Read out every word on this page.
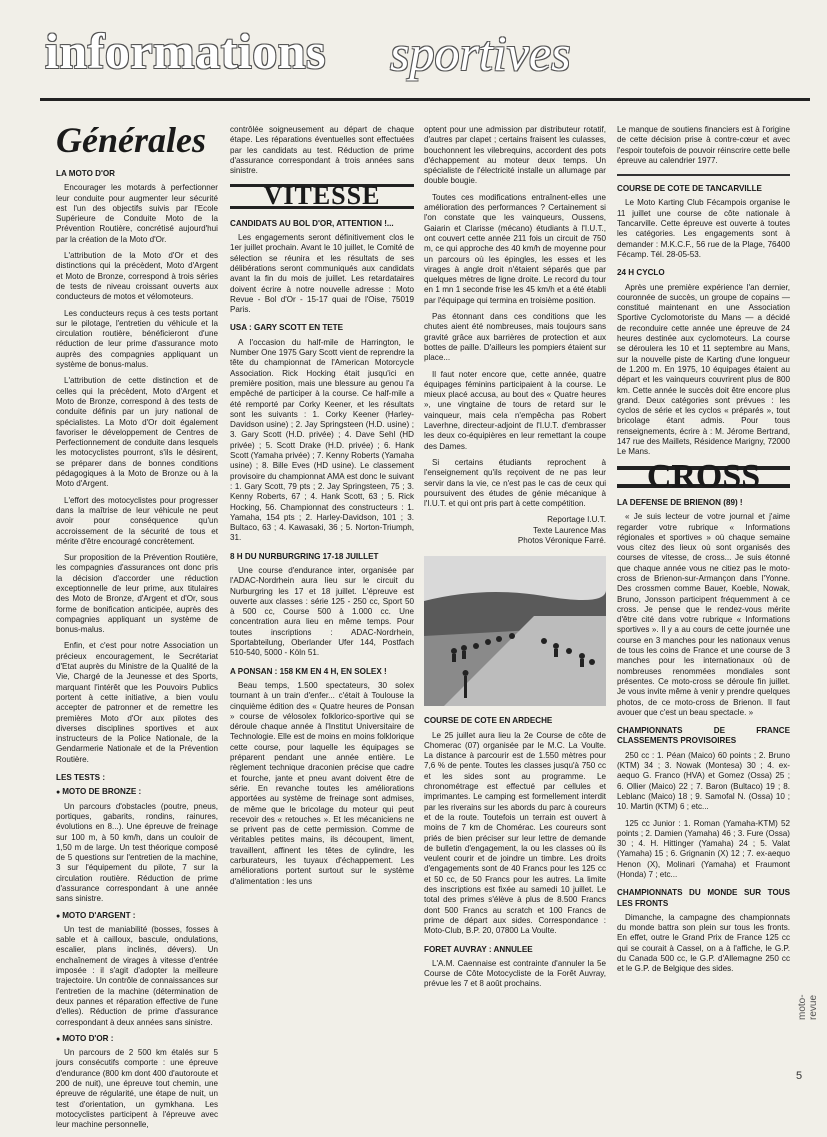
informations sportives
Générales
LA MOTO D'OR

Encourager les motards à perfectionner leur conduite pour augmenter leur sécurité est l'un des objectifs suivis par l'Ecole Supérieure de Conduite Moto de la Prévention Routière, concrétisé aujourd'hui par la création de la Moto d'Or.

L'attribution de la Moto d'Or et des distinctions qui la précèdent, Moto d'Argent et Moto de Bronze, correspond à trois séries de tests de niveau croissant ouverts aux conducteurs de motos et vélomoteurs.

Les conducteurs reçus à ces tests portant sur le pilotage, l'entretien du véhicule et la circulation routière, bénéficieront d'une réduction de leur prime d'assurance moto auprès des compagnies appliquant un système de bonus-malus.

L'attribution de cette distinction et de celles qui la précèdent, Moto d'Argent et Moto de Bronze, correspond à des tests de conduite définis par un jury national de spécialistes. La Moto d'Or doit également favoriser le développement de Centres de Perfectionnement de conduite dans lesquels les motocyclistes pourront, s'ils le désirent, se préparer dans de bonnes conditions pédagogiques à la Moto de Bronze ou à la Moto d'Argent.

L'effort des motocyclistes pour progresser dans la maîtrise de leur véhicule ne peut avoir pour conséquence qu'un accroissement de la sécurité de tous et mérite d'être encouragé concrètement.

Sur proposition de la Prévention Routière, les compagnies d'assurances ont donc pris la décision d'accorder une réduction exceptionnelle de leur prime, aux titulaires des Moto de Bronze, d'Argent et d'Or, sous forme de bonification anticipée, auprès des compagnies appliquant un système de bonus-malus.

Enfin, et c'est pour notre Association un précieux encouragement, le Secrétariat d'Etat auprès du Ministre de la Qualité de la Vie, Chargé de la Jeunesse et des Sports, marquant l'intérêt que les Pouvoirs Publics portent à cette initiative, a bien voulu accepter de patronner et de remettre les premières Moto d'Or aux pilotes des diverses disciplines sportives et aux instructeurs de la Police Nationale, de la Gendarmerie Nationale et de la Prévention Routière.

LES TESTS :
● MOTO DE BRONZE :

Un parcours d'obstacles (poutre, pneus, portiques, gabarits, rondins, rainures, évolutions en 8...). Une épreuve de freinage sur 100 m, à 50 km/h, dans un couloir de 1,50 m de large. Un test théorique composé de 5 questions sur l'entretien de la machine, 3 sur l'équipement du pilote, 7 sur la circulation routière. Réduction de prime d'assurance correspondant à une année sans sinistre.

● MOTO D'ARGENT :

Un test de maniabilité (bosses, fosses à sable et à cailloux, bascule, ondulations, escalier, plans inclinés, dévers). Un enchaînement de virages à vitesse d'entrée imposée : il s'agit d'adopter la meilleure trajectoire. Un contrôle de connaissances sur l'entretien de la machine (détermination de deux pannes et réparation effective de l'une d'elles). Réduction de prime d'assurance correspondant à deux années sans sinistre.

● MOTO D'OR :

Un parcours de 2 500 km étalés sur 5 jours consécutifs comporte : une épreuve d'endurance (800 km dont 400 d'autoroute et 200 de nuit), une épreuve tout chemin, une épreuve de régularité, une étape de nuit, un test d'orientation, un gymkhana. Les motocyclistes participent à l'épreuve avec leur machine personnelle,

contrôlée soigneusement au départ de chaque étape. Les réparations éventuelles sont effectuées par les candidats au test. Réduction de prime d'assurance correspondant à trois années sans sinistre.

VITESSE
CANDIDATS AU BOL D'OR, ATTENTION !...

Les engagements seront définitivement clos le 1er juillet prochain. Avant le 10 juillet, le Comité de sélection se réunira et les résultats de ses délibérations seront communiqués aux candidats avant la fin du mois de juillet. Les retardataires doivent écrire à notre nouvelle adresse : Moto Revue - Bol d'Or - 15-17 quai de l'Oise, 75019 Paris.

USA : GARY SCOTT EN TETE

A l'occasion du half-mile de Harrington, le Number One 1975 Gary Scott vient de reprendre la tête du championnat de l'American Motorcycle Association. Rick Hocking était jusqu'ici en première position, mais une blessure au genou l'a empêché de participer à la course. Ce half-mile a été remporté par Corky Keener, et les résultats sont les suivants : 1. Corky Keener (Harley-Davidson usine) ; 2. Jay Springsteen (H.D. usine) ; 3. Gary Scott (H.D. privée) ; 4. Dave Sehl (HD privée) ; 5. Scott Drake (H.D. privée) ; 6. Hank Scott (Yamaha privée) ; 7. Kenny Roberts (Yamaha usine) ; 8. Bille Eves (HD usine). Le classement provisoire du championnat AMA est donc le suivant : 1. Gary Scott, 79 pts ; 2. Jay Springsteen, 75 ; 3. Kenny Roberts, 67 ; 4. Hank Scott, 63 ; 5. Rick Hocking, 56. Championnat des constructeurs : 1. Yamaha, 154 pts ; 2. Harley-Davidson, 101 ; 3. Bultaco, 63 ; 4. Kawasaki, 36 ; 5. Norton-Triumph, 31.

8 H DU NURBURGRING 17-18 JUILLET

Une course d'endurance inter, organisée par l'ADAC-Nordrhein aura lieu sur le circuit du Nurburgring les 17 et 18 juillet. L'épreuve est ouverte aux classes : série 125 - 250 cc, Sport 50 à 500 cc, Course 500 à 1.000 cc. Une concentration aura lieu en même temps. Pour toutes inscriptions : ADAC-Nordrhein, Sportabteilung, Oberlander Ufer 144, Postfach 510-540, 5000 - Köln 51.

A PONSAN : 158 KM EN 4 H, EN SOLEX !

Beau temps, 1.500 spectateurs, 30 solex tournant à un train d'enfer... c'était à Toulouse la cinquième édition des « Quatre heures de Ponsan » course de vélosolex folklorico-sportive qui se déroule chaque année à l'Institut Universitaire de Technologie. Elle est de moins en moins folklorique cette course, pour laquelle les équipages se préparent pendant une année entière. Le règlement technique draconien précise que cadre et fourche, jante et pneu avant doivent être de série. En revanche toutes les améliorations apportées au système de freinage sont admises, de même que le bricolage du moteur qui peut recevoir des « retouches ». Et les mécaniciens ne se privent pas de cette permission. Comme de véritables petites mains, ils découpent, liment, travaillent, affinent les têtes de cylindre, les carburateurs, les tuyaux d'échappement. Les améliorations portent surtout sur le système d'alimentation : les uns

optent pour une admission par distributeur rotatif, d'autres par clapet ; certains fraisent les culasses, bouchonnent les vilebrequins, accordent des pots d'échappement au moteur deux temps. Un spécialiste de l'électricité installe un allumage par double bougie.

Toutes ces modifications entraînent-elles une amélioration des performances ? Certainement si l'on constate que les vainqueurs, Oussens, Gaiarin et Clarisse (mécano) étudiants à l'I.U.T., ont couvert cette année 211 fois un circuit de 750 m, ce qui approche des 40 km/h de moyenne pour un parcours où les épingles, les esses et les virages à angle droit n'étaient séparés que par quelques mètres de ligne droite. Le record du tour en 1 mn 1 seconde frise les 45 km/h et a été établi par l'équipage qui termina en troisième position.

Pas étonnant dans ces conditions que les chutes aient été nombreuses, mais toujours sans gravité grâce aux barrières de protection et aux bottes de paille. D'ailleurs les pompiers étaient sur place...

Il faut noter encore que, cette année, quatre équipages féminins participaient à la course. Le mieux placé accusa, au bout des « Quatre heures », une vingtaine de tours de retard sur le vainqueur, mais cela n'empêcha pas Robert Laverhne, directeur-adjoint de l'I.U.T. d'embrasser les deux co-équipières en leur remettant la coupe des Dames.

Si certains étudiants reprochent à l'enseignement qu'ils reçoivent de ne pas leur servir dans la vie, ce n'est pas le cas de ceux qui poursuivent des études de génie mécanique à l'I.U.T. et qui ont pris part à cette compétition.

Reportage I.U.T.
Texte Laurence Mas
Photos Véronique Farré.
COURSE DE COTE EN ARDECHE

Le 25 juillet aura lieu la 2e Course de côte de Chomerac (07) organisée par le M.C. La Voulte. La distance à parcourir est de 1.550 mètres pour 7,6 % de pente. Toutes les classes jusqu'à 750 cc et les sides sont au programme. Le chronométrage est effectué par cellules et imprimantes. Le camping est formellement interdit par les riverains sur les abords du parc à coureurs et de la route. Toutefois un terrain est ouvert à moins de 7 km de Chomérac. Les coureurs sont priés de bien préciser sur leur lettre de demande de bulletin d'engagement, la ou les classes où ils veulent courir et de joindre un timbre. Les droits d'engagements sont de 40 Francs pour les 125 cc et 50 cc, de 50 Francs pour les autres. La limite des inscriptions est fixée au samedi 10 juillet. Le total des primes s'élève à plus de 8.500 Francs dont 500 Francs au scratch et 100 Francs de prime de départ aux sides. Correspondance : Moto-Club, B.P. 20, 07800 La Voulte.

FORET AUVRAY : ANNULEE

L'A.M. Caennaise est contrainte d'annuler la 5e Course de Côte Motocycliste de la Forêt Auvray, prévue les 7 et 8 août prochains.

Le manque de soutiens financiers est à l'origine de cette décision prise à contre-cœur et avec l'espoir toutefois de pouvoir réinscrire cette belle épreuve au calendrier 1977.

COURSE DE COTE DE TANCARVILLE

Le Moto Karting Club Fécampois organise le 11 juillet une course de côte nationale à Tancarville. Cette épreuve est ouverte à toutes les catégories. Les engagements sont à demander : M.K.C.F., 56 rue de la Plage, 76400 Fécamp. Tél. 28-05-53.

24 H CYCLO

Après une première expérience l'an dernier, couronnée de succès, un groupe de copains — constitué maintenant en une Association Sportive Cyclomotoriste du Mans — a décidé de reconduire cette année une épreuve de 24 heures destinée aux cyclomoteurs. La course se déroulera les 10 et 11 septembre au Mans, sur la nouvelle piste de Karting d'une longueur de 1.200 m. En 1975, 10 équipages étaient au départ et les vainqueurs couvrirent plus de 800 km. Cette année le succès doit être encore plus grand. Deux catégories sont prévues : les cyclos de série et les cyclos « préparés », tout bricolage étant admis. Pour tous renseignements, écrire à : M. Jérome Bertrand, 147 rue des Maillets, Résidence Marigny, 72000 Le Mans.

CROSS
LA DEFENSE DE BRIENON (89) !

« Je suis lecteur de votre journal et j'aime regarder votre rubrique « Informations régionales et sportives » où chaque semaine vous citez des lieux où sont organisés des courses de vitesse, de cross... Je suis étonné que chaque année vous ne citiez pas le moto-cross de Brienon-sur-Armançon dans l'Yonne. Des crossmen comme Bauer, Koeble, Nowak, Bruno, Jonsson participent fréquemment à ce cross. Je pense que le rendez-vous mérite d'être cité dans votre rubrique « Informations sportives ». Il y a au cours de cette journée une course en 3 manches pour les nationaux venus de tous les coins de France et une course de 3 manches pour les internationaux où de nombreuses renommées mondiales sont présentes. Ce moto-cross se déroule fin juillet. Je vous invite même à venir y prendre quelques photos, de ce moto-cross de Brienon. Il faut avouer que c'est un beau spectacle. »

CHAMPIONNATS DE FRANCE CLASSEMENTS PROVISOIRES

250 cc : 1. Péan (Maico) 60 points ; 2. Bruno (KTM) 34 ; 3. Nowak (Montesa) 30 ; 4. ex-aequo G. Franco (HVA) et Gomez (Ossa) 25 ; 6. Ollier (Maico) 22 ; 7. Baron (Bultaco) 19 ; 8. Leblanc (Maico) 18 ; 9. Samofal N. (Ossa) 10 ; 10. Martin (KTM) 6 ; etc...

125 cc Junior : 1. Roman (Yamaha-KTM) 52 points ; 2. Damien (Yamaha) 46 ; 3. Fure (Ossa) 30 ; 4. H. Hittinger (Yamaha) 24 ; 5. Valat (Yamaha) 15 ; 6. Grignanin (X) 12 ; 7. ex-aequo Henon (X), Molinari (Yamaha) et Fraumont (Honda) 7 ; etc...

CHAMPIONNATS DU MONDE SUR TOUS LES FRONTS

Dimanche, la campagne des championnats du monde battra son plein sur tous les fronts. En effet, outre le Grand Prix de France 125 cc qui se courait à Cassel, on a à l'affiche, le G.P. du Canada 500 cc, le G.P. d'Allemagne 250 cc et le G.P. de Belgique des sides.

moto-revue
5
